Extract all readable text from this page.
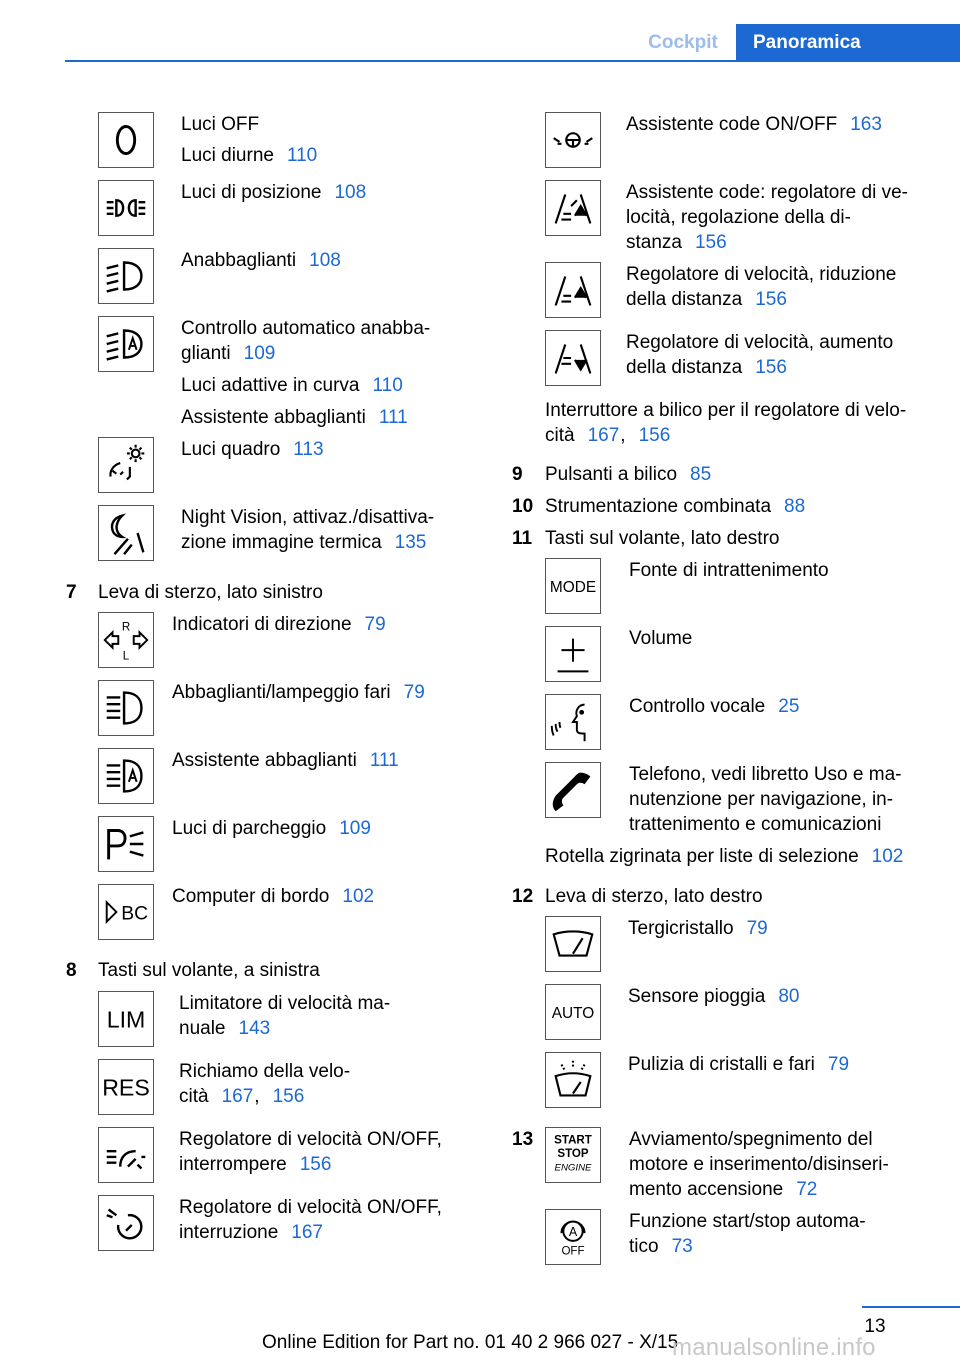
Cockpit	Panoramica
Luci OFF
Luci diurne 110
Luci di posizione 108
Anabbaglianti 108
Controllo automatico anabba-
glianti 109
Luci adattive in curva 110
Assistente abbaglianti 111
Luci quadro 113
Night Vision, attivaz./disattiva-
zione immagine termica 135
7 Leva di sterzo, lato sinistro
R
L
Indicatori di direzione 79
Abbaglianti/lampeggio fari 79
Assistente abbaglianti 111
Luci di parcheggio 109
BC
Computer di bordo 102
8 Tasti sul volante, a sinistra
LIM
Limitatore di velocità ma-
nuale 143
RES
Richiamo della velo-
cità 167, 156
Regolatore di velocità ON/OFF,
interrompere 156
Regolatore di velocità ON/OFF,
interruzione 167
Assistente code ON/OFF 163
Assistente code: regolatore di ve-
locità, regolazione della di-
stanza 156
Regolatore di velocità, riduzione
della distanza 156
Regolatore di velocità, aumento
della distanza 156
Interruttore a bilico per il regolatore di velo-
cità 167, 156
9 Pulsanti a bilico 85
10 Strumentazione combinata 88
11 Tasti sul volante, lato destro
MODE
Fonte di intrattenimento
Volume
Controllo vocale 25
Telefono, vedi libretto Uso e ma-
nutenzione per navigazione, in-
trattenimento e comunicazioni
Rotella zigrinata per liste di selezione 102
12 Leva di sterzo, lato destro
Tergicristallo 79
AUTO
Sensore pioggia 80
Pulizia di cristalli e fari 79
13 START
STOP
ENGINE
Avviamento/spegnimento del
motore e inserimento/disinseri-
mento accensione 72
A
OFF
Funzione start/stop automa-
tico 73
13
Online Edition for Part no. 01 40 2 966 027 - X/15
manualsonline.info
